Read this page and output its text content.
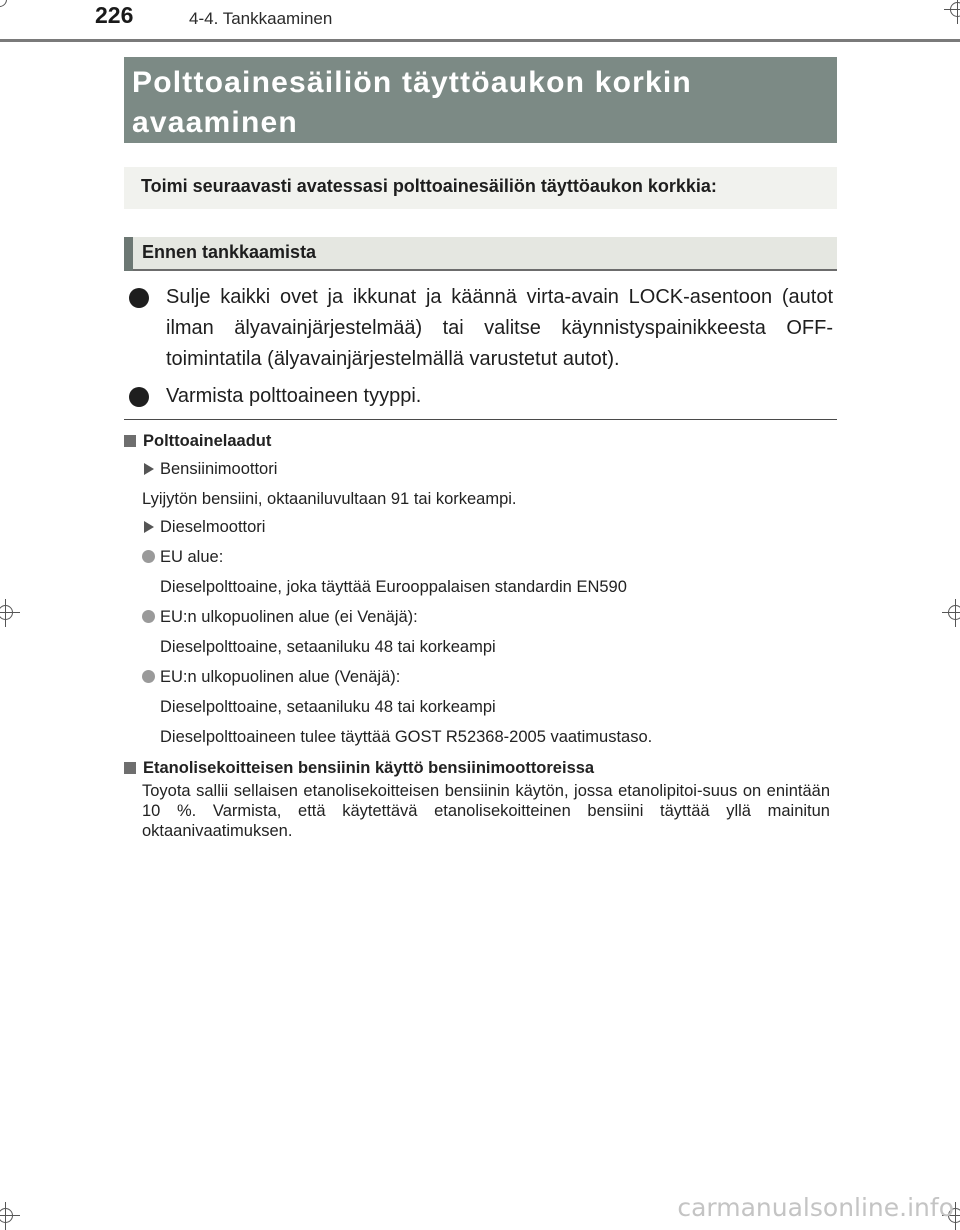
226	4-4. Tankkaaminen
Polttoainesäiliön täyttöaukon korkin avaaminen
Toimi seuraavasti avatessasi polttoainesäiliön täyttöaukon korkkia:
Ennen tankkaamista
Sulje kaikki ovet ja ikkunat ja käännä virta-avain LOCK-asentoon (autot ilman älyavainjärjestelmää) tai valitse käynnistyspainikkeesta OFF-toimintatila (älyavainjärjestelmällä varustetut autot).
Varmista polttoaineen tyyppi.
Polttoainelaadut
Bensiinimoottori
Lyijytön bensiini, oktaaniluvultaan 91 tai korkeampi.
Dieselmoottori
EU alue:
Dieselpolttoaine, joka täyttää Eurooppalaisen standardin EN590
EU:n ulkopuolinen alue (ei Venäjä):
Dieselpolttoaine, setaaniluku 48 tai korkeampi
EU:n ulkopuolinen alue (Venäjä):
Dieselpolttoaine, setaaniluku 48 tai korkeampi
Dieselpolttoaineen tulee täyttää GOST R52368-2005 vaatimustaso.
Etanolisekoitteisen bensiinin käyttö bensiinimoottoreissa
Toyota sallii sellaisen etanolisekoitteisen bensiinin käytön, jossa etanolipitoi-suus on enintään 10 %. Varmista, että käytettävä etanolisekoitteinen bensiini täyttää yllä mainitun oktaanivaatimuksen.
carmanualsonline.info
